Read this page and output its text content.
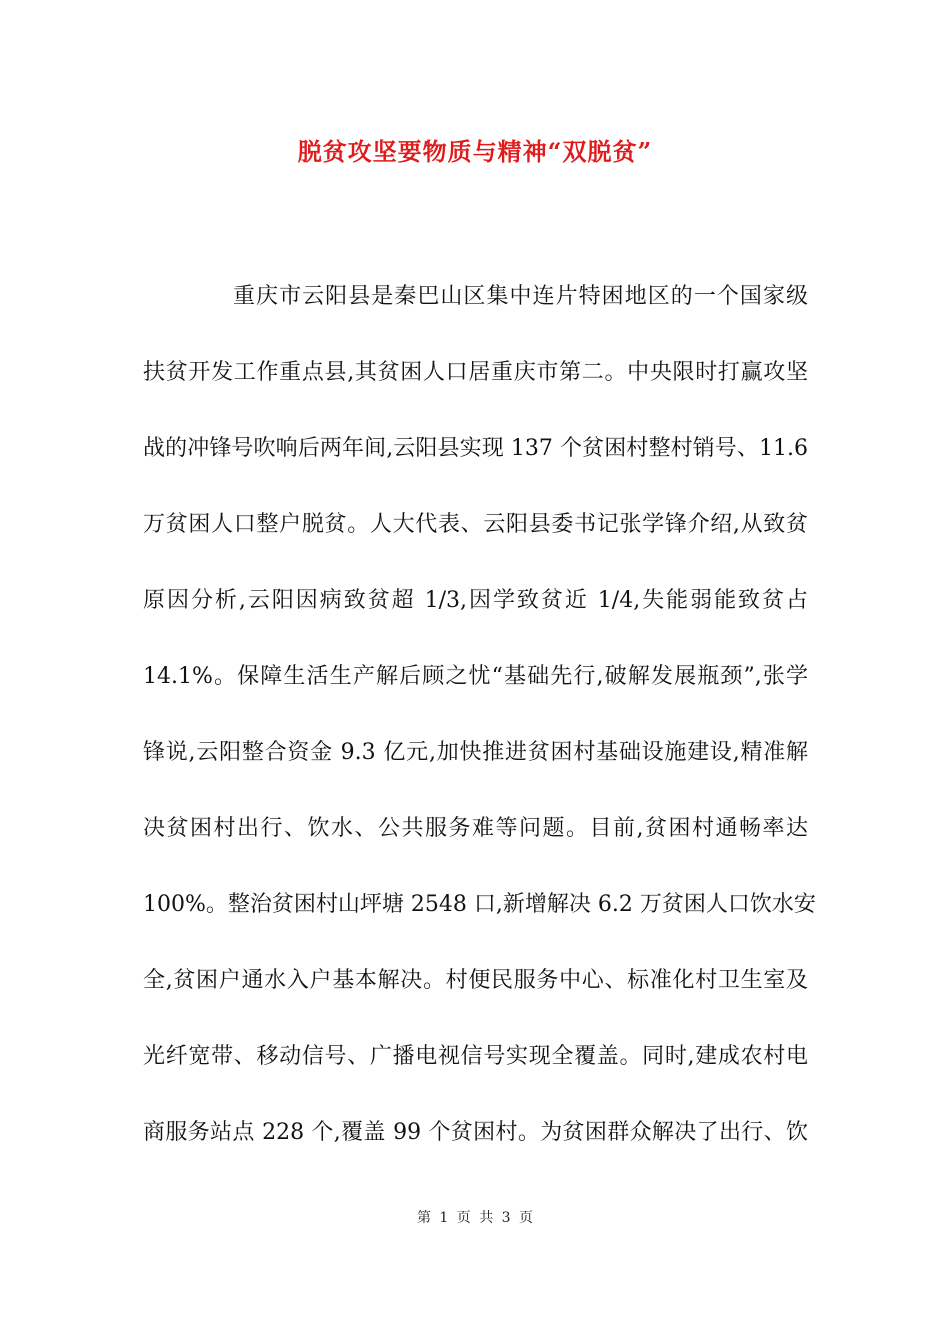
脱贫攻坚要物质与精神“双脱贫”
重庆市云阳县是秦巴山区集中连片特困地区的一个国家级
扶贫开发工作重点县,其贫困人口居重庆市第二。中央限时打赢攻坚
战的冲锋号吹响后两年间,云阳县实现 137 个贫困村整村销号、11.6
万贫困人口整户脱贫。人大代表、云阳县委书记张学锋介绍,从致贫
原因分析,云阳因病致贫超 1/3,因学致贫近 1/4,失能弱能致贫占
14.1%。保障生活生产解后顾之忧“基础先行,破解发展瓶颈”,张学
锋说,云阳整合资金 9.3 亿元,加快推进贫困村基础设施建设,精准解
决贫困村出行、饮水、公共服务难等问题。目前,贫困村通畅率达
100%。整治贫困村山坪塘 2548 口,新增解决 6.2 万贫困人口饮水安
全,贫困户通水入户基本解决。村便民服务中心、标准化村卫生室及
光纤宽带、移动信号、广播电视信号实现全覆盖。同时,建成农村电
商服务站点 228 个,覆盖 99 个贫困村。为贫困群众解决了出行、饮
第 1 页 共 3 页
